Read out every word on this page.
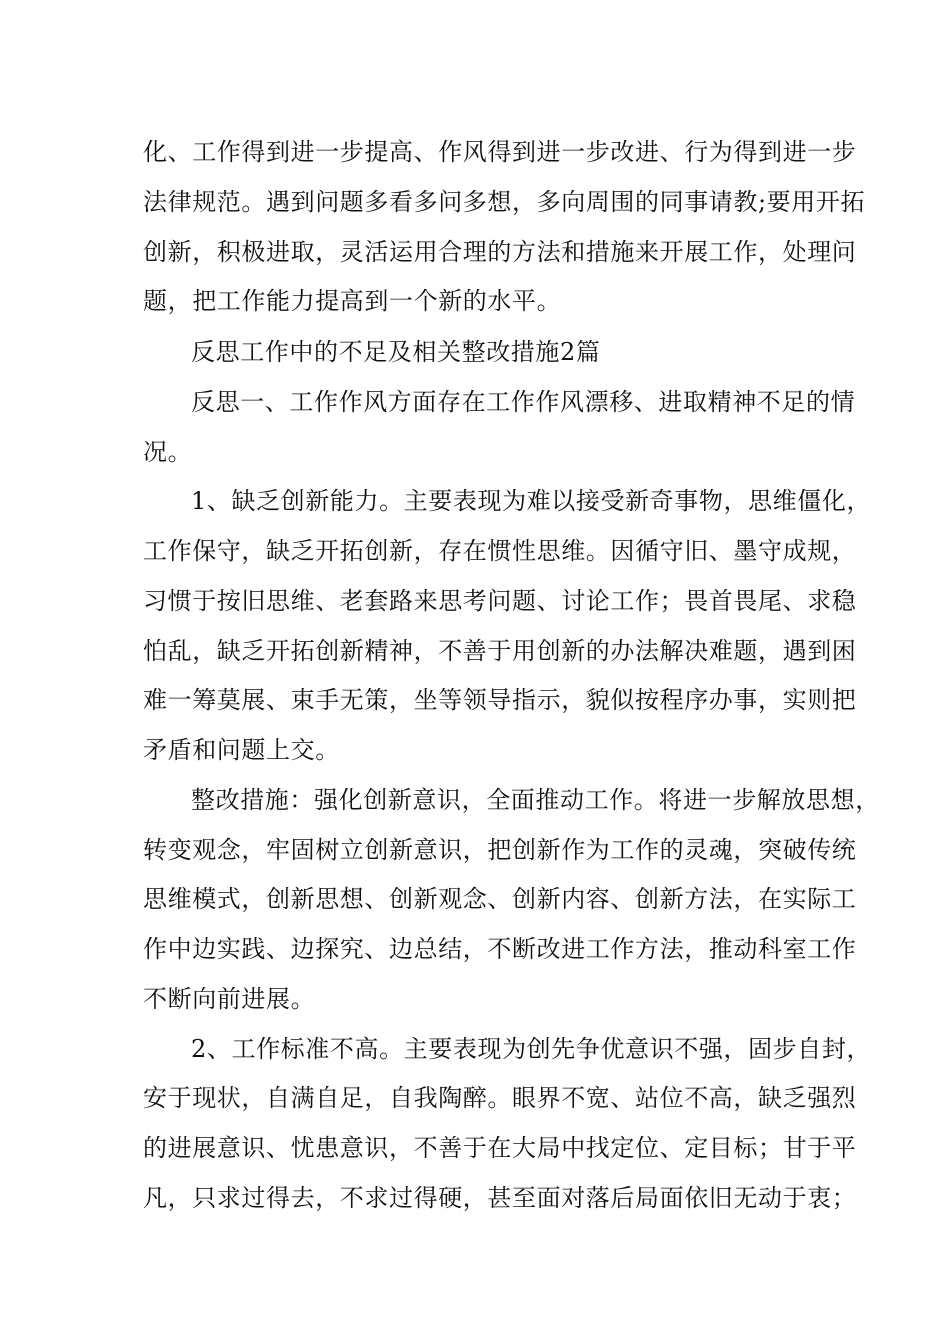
化、工作得到进一步提高、作风得到进一步改进、行为得到进一步

法律规范。遇到问题多看多问多想，多向周围的同事请教;要用开拓

创新，积极进取，灵活运用合理的方法和措施来开展工作，处理问

题，把工作能力提高到一个新的水平。

反思工作中的不足及相关整改措施2篇

反思一、工作作风方面存在工作作风漂移、进取精神不足的情

况。

1、缺乏创新能力。主要表现为难以接受新奇事物，思维僵化，

工作保守，缺乏开拓创新，存在惯性思维。因循守旧、墨守成规，

习惯于按旧思维、老套路来思考问题、讨论工作；畏首畏尾、求稳

怕乱，缺乏开拓创新精神，不善于用创新的办法解决难题，遇到困

难一筹莫展、束手无策，坐等领导指示，貌似按程序办事，实则把

矛盾和问题上交。

整改措施：强化创新意识，全面推动工作。将进一步解放思想，

转变观念，牢固树立创新意识，把创新作为工作的灵魂，突破传统

思维模式，创新思想、创新观念、创新内容、创新方法，在实际工

作中边实践、边探究、边总结，不断改进工作方法，推动科室工作

不断向前进展。

2、工作标准不高。主要表现为创先争优意识不强，固步自封，

安于现状，自满自足，自我陶醉。眼界不宽、站位不高，缺乏强烈

的进展意识、忧患意识，不善于在大局中找定位、定目标；甘于平

凡，只求过得去，不求过得硬，甚至面对落后局面依旧无动于衷；
